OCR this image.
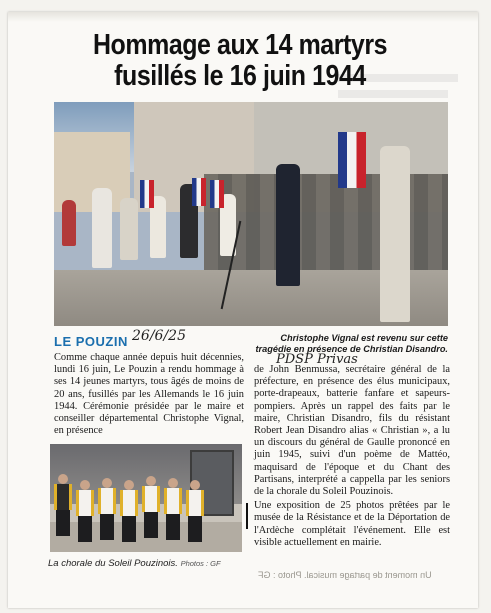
Hommage aux 14 martyrs
fusillés le 16 juin 1944
LE POUZIN 26/6/25	Christophe Vignal est revenu sur cette tragédie en présence de Christian Disandro.
PDSP Privas

Comme chaque année depuis huit décennies, lundi 16 juin, Le Pouzin a rendu hommage à ses 14 jeunes martyrs, tous âgés de moins de 20 ans, fusillés par les Allemands le 16 juin 1944. Cérémonie présidée par le maire et conseiller départemental Christophe Vignal, en présence

de John Benmussa, secrétaire général de la préfecture, en présence des élus municipaux, porte-drapeaux, batterie fanfare et sapeurs-pompiers. Après un rappel des faits par le maire, Christian Disandro, fils du résistant Robert Jean Disandro alias « Christian », a lu un discours du général de Gaulle prononcé en juin 1945, suivi d'un poème de Mattéo, maquisard de l'époque et du Chant des Partisans, interprété a cappella par les seniors de la chorale du Soleil Pouzinois.

Une exposition de 25 photos prêtées par le musée de la Résistance et de la Déportation de l'Ardèche complétait l'événement. Elle est visible actuellement en mairie.

La chorale du Soleil Pouzinois. Photos : GF
Un moment de partage musical. Photo : GF
